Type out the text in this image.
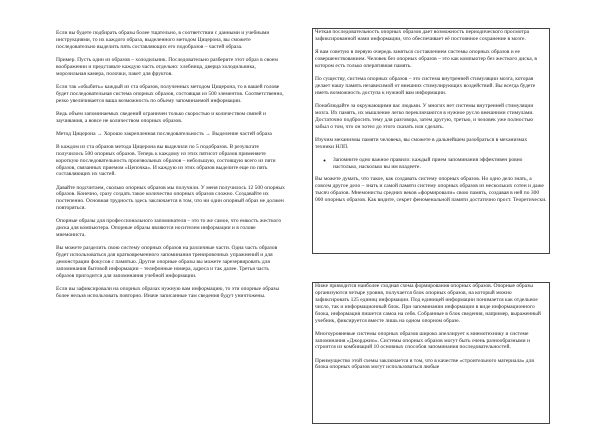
Если вы будете подбирать образы более тщательно, в соответствии с данными и учебными инструкциями, то их каждого образа, выделенного методом Цицерона, вы сможете последовательно выделить пять составляющих его подобразов – частей образа.

Пример. Пусть один из образов – холодильник. Последовательно разберите этот образ в своем воображении и представьте каждую часть отдельно: хлебница, дверца холодильника, морозильная камера, полочки, пакет для фруктов.

Если так «обыбить» каждый из ста образов, полученных методом Цицерона, то в вашей голове будет последовательная система опорных образов, состоящая из 500 элементов. Соответственно, резко увеличивается ваша возможность по объему запоминаемой информации.

Ведь объем запоминаемых сведений ограничен только скоростью и количеством связей и заучивания, а вовсе не количеством опорных образов.

Метод Цицерона → Хорошо закрепленная последовательность → Выделение частей образа

В каждом из ста образов метода Цицерона вы выделили по 5 подобразов. В результате получилось 500 опорных образов. Теперь к каждому из этих пятисот образов применяете короткую последовательность произвольных образов – небольшую, состоящую всего из пяти образов, связанных приемом «Цепочка». И каждую из этих образов выделите еще по пять составляющих их частей.

Давайте подсчитаем, сколько опорных образов мы получили. У меня получилось 12 500 опорных образов. Конечно, сразу создать такое количество опорных образов сложно. Создавайте их постепенно. Основная трудность здесь заключается в том, что ни один опорный образ не должен повторяться.

Опорные образы для профессионального запоминателя – это то же самое, что емкость жесткого диска для компьютера. Опорные образы являются носителем информации и в голове мнемониста.

Вы можете разделить свою систему опорных образов на различные части. Одна часть образов будет использоваться для кратковременного запоминания тренировочных упражнений и для демонстрации фокусов с памятью. Другие опорные образы вы можете зарезервировать для запоминания бытовой информации – телефонные номера, адреса и так далее. Третья часть образов пригодится для запоминания учебной информации.

Если вы зафиксировали на опорных образах нужную вам информацию, то эти опорные образы более нельзя использовать повторно. Иначе записанные там сведения будут уничтожены.

Четкая последовательность опорных образов дает возможность периодического просмотра зафиксированной нами информации, что обеспечивает её постоянное сохранение в мозге.

Я вам советую в первую очередь заняться составлением системы опорных образов и ее совершенствованием. Человек без опорных образов – это как компьютер без жесткого диска, в котором есть только оперативная память.

По существу, система опорных образов – это система внутренней стимуляции мозга, которая делает нашу память независимой от внешних стимулирующих воздействий. Вы всегда будете иметь возможность доступа к нужной вам информации.

Понаблюдайте за окружающими вас людьми. У многих нет системы внутренней стимуляции мозга. Их память, их мышление легко переключаются в нужное русло внешними стимулами. Достаточно подбросить тему для разговора, затем другую, третью, и человек уже полностью забыл о том, что он хотел до этого сказать или сделать.

Изучим механизмы памяти человека, вы сможете в дальнейшем разобраться в механизмах техники НЛП.

◦ Запомните одно важное правило: каждый прием запоминания эффективен ровно настолько, насколько вы им владеете.

Вы можете думать, что такое, как создавать систему опорных образов. Но одно дело знать, а совсем другое дело – знать и самой памяти систему опорных образов из нескольких сотен и даже тысяч образов. Мнемонисты средних веков «формировали» свою память, создавая в ней по 300 000 опорных образов. Как видите, секрет феноменальной памяти достаточно прост. Теоретически.

Ниже приводится наиболее сходная схема формирования опорных образов. Опорные образы организуются четыре уровня, получается блок опорных образов, на который можно зафиксировать 125 единиц информации. Под единицей информации понимается как отдельное число, так и информационный блок. При запоминании информации в виде информационного блока, информация пишется самоа на себя. Собранные в блок сведения, например, выраженный учебник, фиксируется вместе лишь на одном опорном образе.

Многоуровневые системы опорных образов широко апеллирует к мнемотехнику и системе запоминания «Джорджио». Системы опорных образов могут быть очень разнообразными и строится из комбинаций 10 основных способов запоминания последовательностей.

Преимущество этой схемы заключается в том, что в качестве «строительного материала» для блока опорных образов могут использоваться любые
